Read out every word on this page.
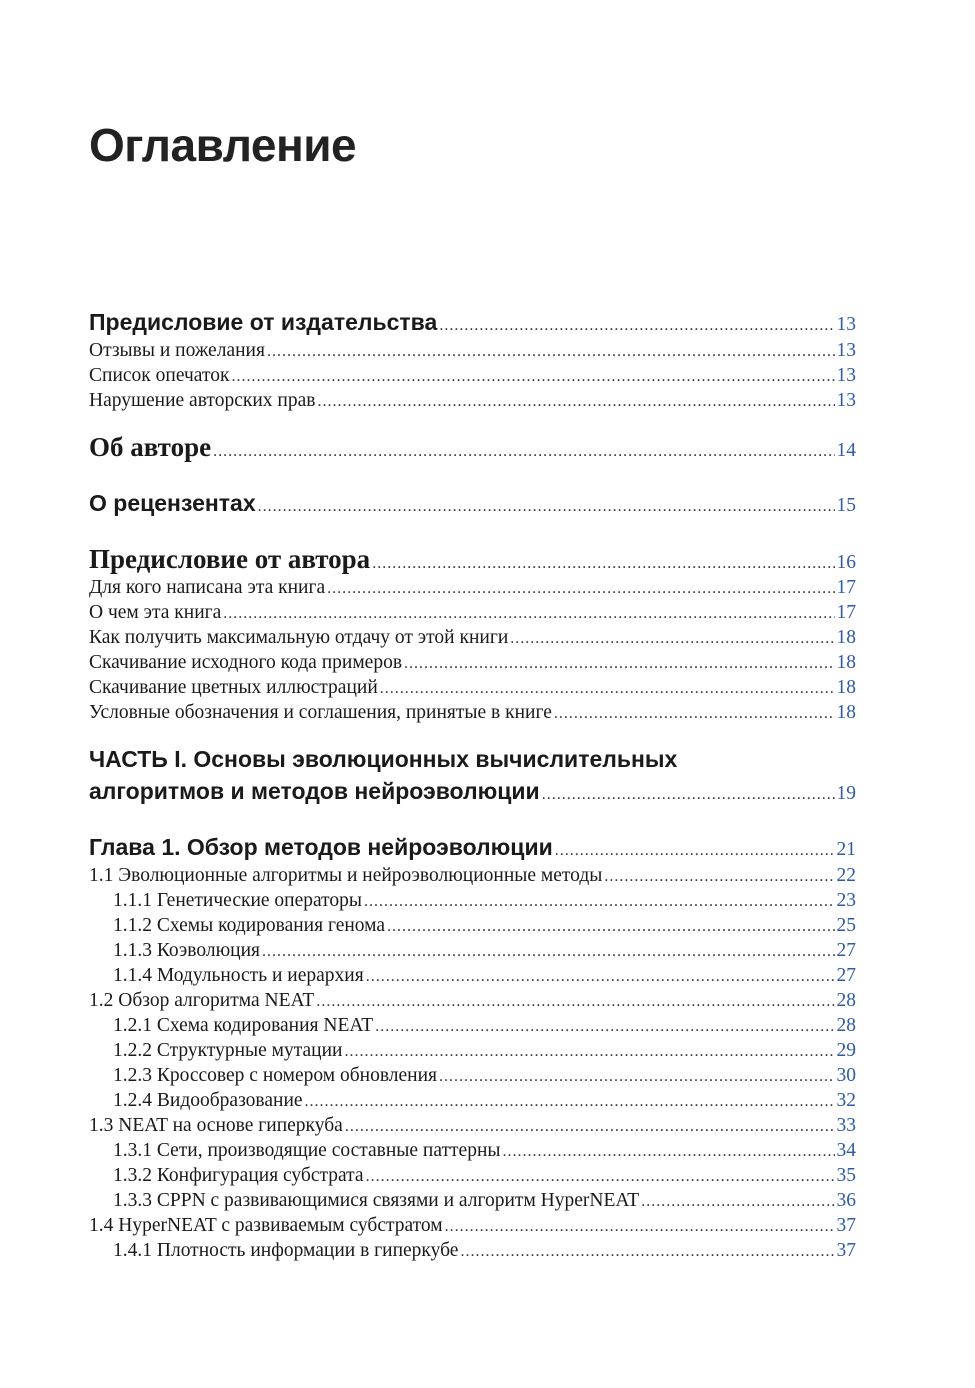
Оглавление
Предисловие от издательства .....	13
Отзывы и пожелания .....	13
Список опечаток .....	13
Нарушение авторских прав .....	13
Об авторе .....	14
О рецензентах .....	15
Предисловие от автора .....	16
Для кого написана эта книга .....	17
О чем эта книга .....	17
Как получить максимальную отдачу от этой книги .....	18
Скачивание исходного кода примеров .....	18
Скачивание цветных иллюстраций .....	18
Условные обозначения и соглашения, принятые в книге .....	18
ЧАСТЬ I. Основы эволюционных вычислительных
алгоритмов и методов нейроэволюции .....	19
Глава 1. Обзор методов нейроэволюции .....	21
1.1 Эволюционные алгоритмы и нейроэволюционные методы .....	22
1.1.1 Генетические операторы .....	23
1.1.2 Схемы кодирования генома .....	25
1.1.3 Коэволюция .....	27
1.1.4 Модульность и иерархия .....	27
1.2 Обзор алгоритма NEAT .....	28
1.2.1 Схема кодирования NEAT .....	28
1.2.2 Структурные мутации .....	29
1.2.3 Кроссовер с номером обновления .....	30
1.2.4 Видообразование .....	32
1.3 NEAT на основе гиперкуба .....	33
1.3.1 Сети, производящие составные паттерны .....	34
1.3.2 Конфигурация субстрата .....	35
1.3.3 CPPN с развивающимися связями и алгоритм HyperNEAT .....	36
1.4 HyperNEAT с развиваемым субстратом .....	37
1.4.1 Плотность информации в гиперкубе .....	37
